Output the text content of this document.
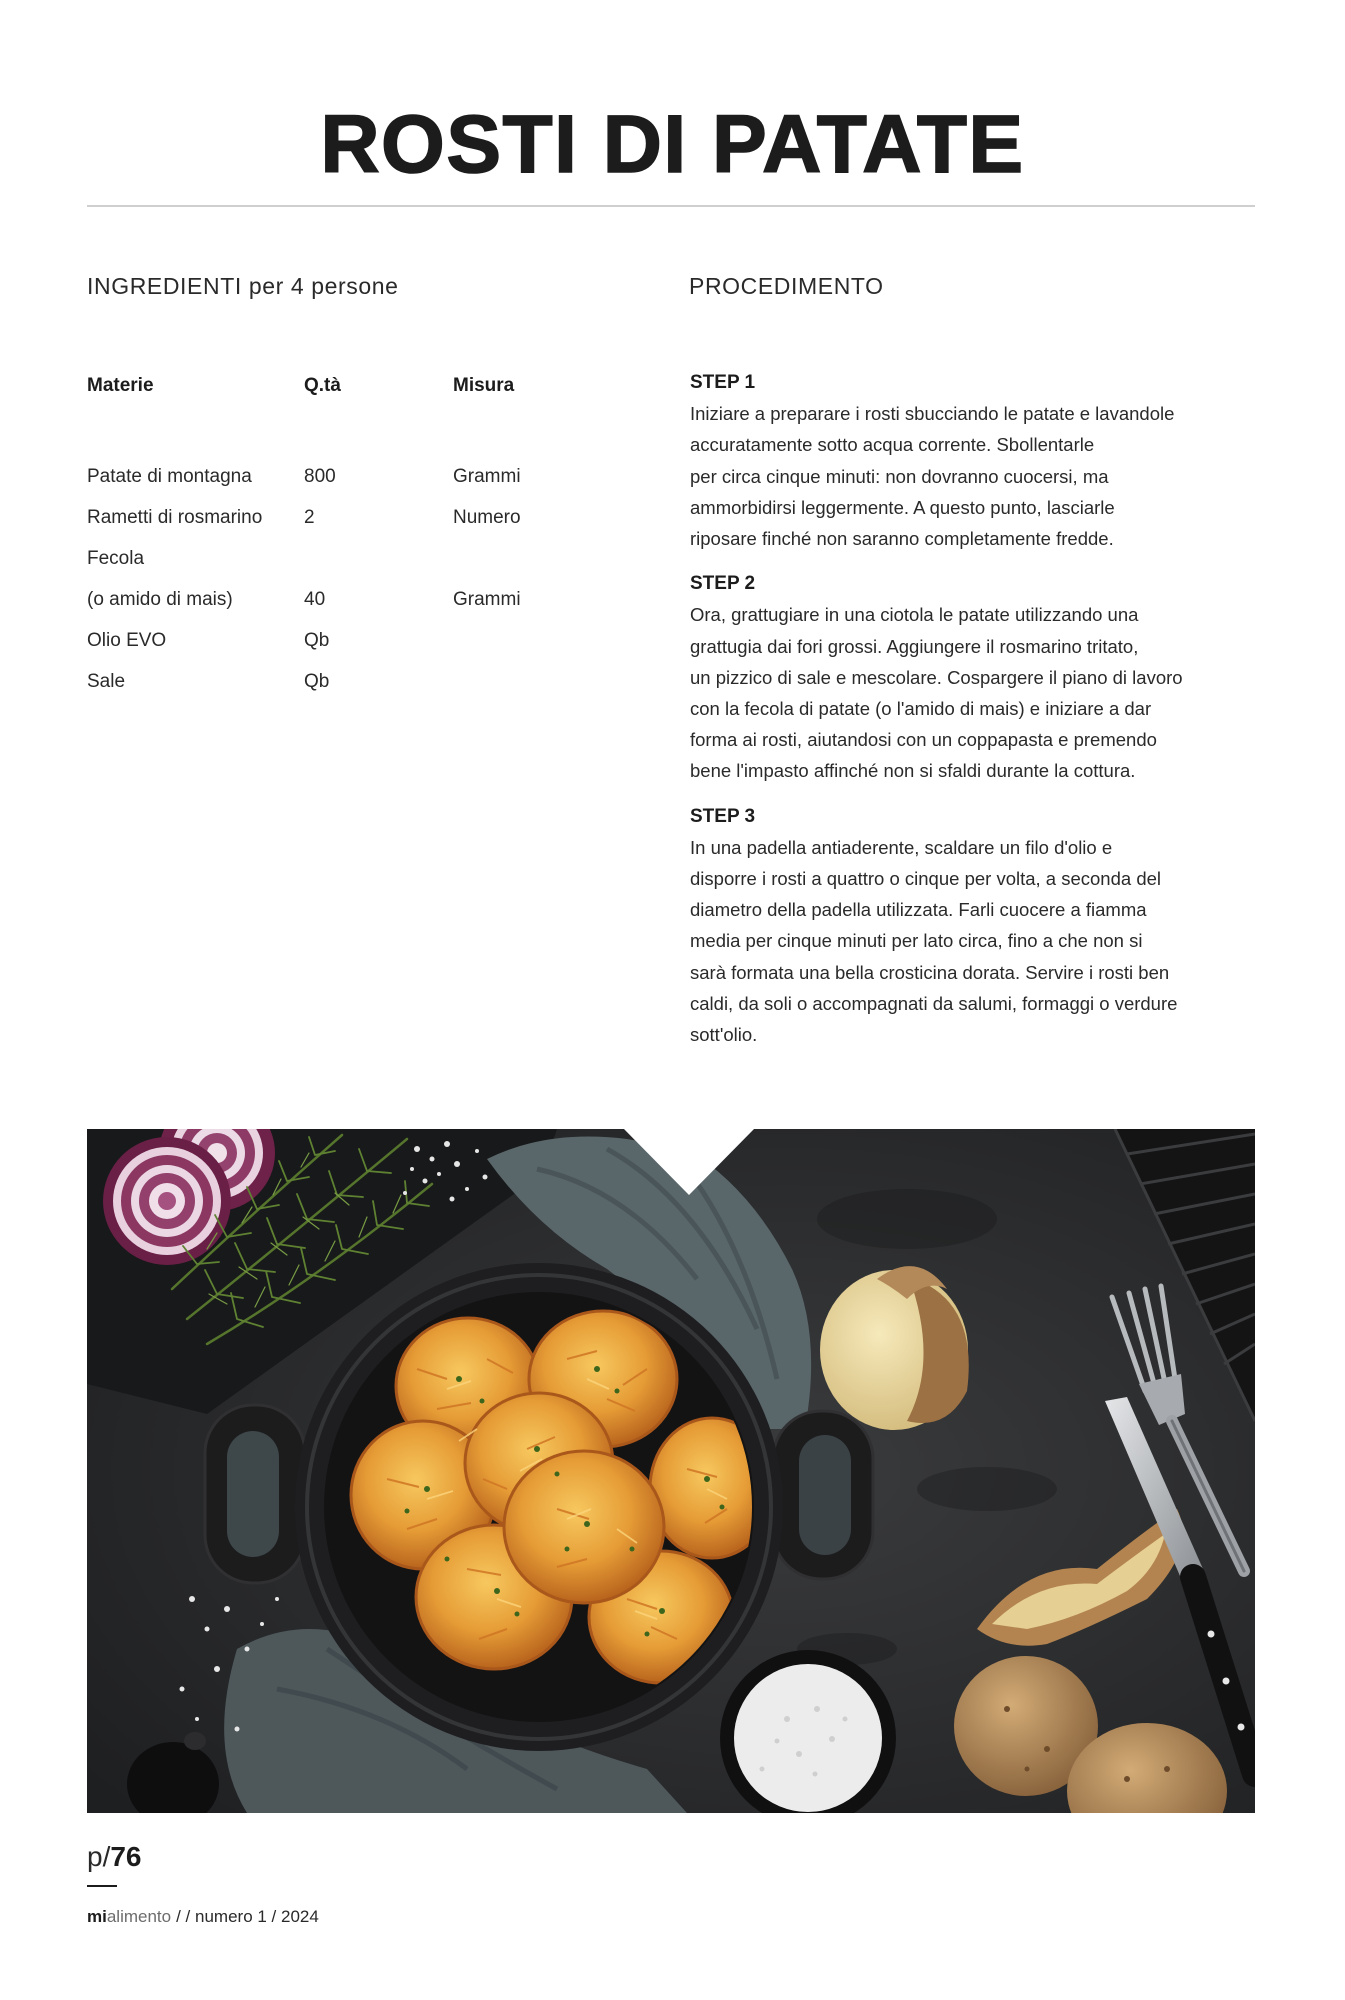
ROSTI DI PATATE
INGREDIENTI per 4 persone	PROCEDIMENTO
Materie	Q.tà	Misura
Patate di montagna	800	Grammi
Rametti di rosmarino	2	Numero
Fecola
(o amido di mais)	40	Grammi
Olio EVO	Qb
Sale	Qb
STEP 1
Iniziare a preparare i rosti sbucciando le patate e lavandole
accuratamente sotto acqua corrente. Sbollentarle
per circa cinque minuti: non dovranno cuocersi, ma
ammorbidirsi leggermente. A questo punto, lasciarle
riposare finché non saranno completamente fredde.
STEP 2
Ora, grattugiare in una ciotola le patate utilizzando una
grattugia dai fori grossi. Aggiungere il rosmarino tritato,
un pizzico di sale e mescolare. Cospargere il piano di lavoro
con la fecola di patate (o l'amido di mais) e iniziare a dar
forma ai rosti, aiutandosi con un coppapasta e premendo
bene l'impasto affinché non si sfaldi durante la cottura.
STEP 3
In una padella antiaderente, scaldare un filo d'olio e
disporre i rosti a quattro o cinque per volta, a seconda del
diametro della padella utilizzata. Farli cuocere a fiamma
media per cinque minuti per lato circa, fino a che non si
sarà formata una bella crosticina dorata. Servire i rosti ben
caldi, da soli o accompagnati da salumi, formaggi o verdure
sott'olio.
p/76
mialimento / / numero 1 / 2024
